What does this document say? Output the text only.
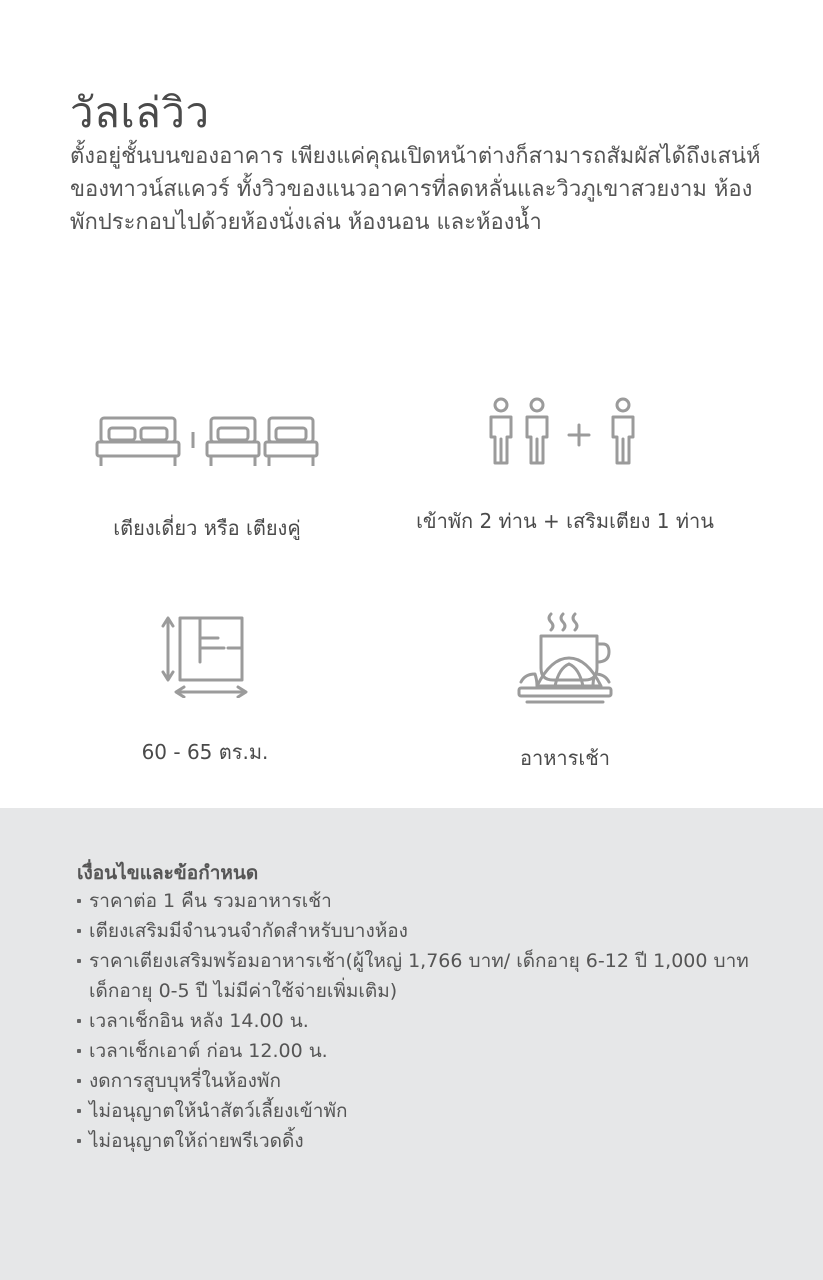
วัลเล่วิว
ตั้งอยู่ชั้นบนของอาคาร เพียงแค่คุณเปิดหน้าต่างก็สามารถสัมผัสได้ถึงเสน่ห์ของทาวน์สแควร์ ทั้งวิวของแนวอาคารที่ลดหลั่นและวิวภูเขาสวยงาม ห้องพักประกอบไปด้วยห้องนั่งเล่น ห้องนอน และห้องน้ำ
เตียงเดี่ยว หรือ เตียงคู่	เข้าพัก 2 ท่าน + เสริมเตียง 1 ท่าน
60 - 65 ตร.ม.	อาหารเช้า
เงื่อนไขและข้อกำหนด
ราคาต่อ 1 คืน รวมอาหารเช้า
เตียงเสริมมีจำนวนจำกัดสำหรับบางห้อง
ราคาเตียงเสริมพร้อมอาหารเช้า(ผู้ใหญ่ 1,766 บาท/ เด็กอายุ 6-12 ปี 1,000 บาท เด็กอายุ 0-5 ปี ไม่มีค่าใช้จ่ายเพิ่มเติม)
เวลาเช็กอิน หลัง 14.00 น.
เวลาเช็กเอาต์ ก่อน 12.00 น.
งดการสูบบุหรี่ในห้องพัก
ไม่อนุญาตให้นำสัตว์เลี้ยงเข้าพัก
ไม่อนุญาตให้ถ่ายพรีเวดดิ้ง
